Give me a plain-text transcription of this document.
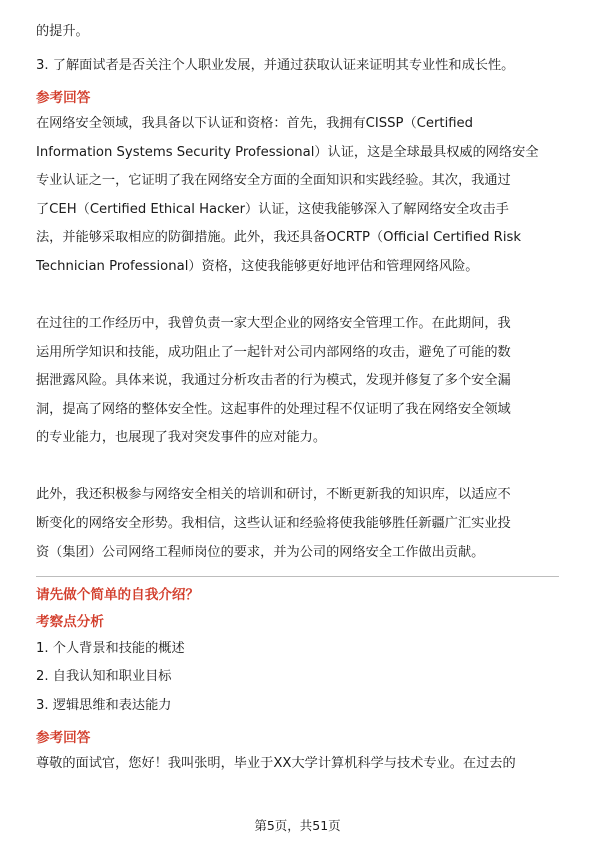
的提升。

3. 了解面试者是否关注个人职业发展，并通过获取认证来证明其专业性和成长性。

参考回答

在网络安全领域，我具备以下认证和资格：首先，我拥有CISSP（Certified

Information Systems Security Professional）认证，这是全球最具权威的网络安全

专业认证之一，它证明了我在网络安全方面的全面知识和实践经验。其次，我通过

了CEH（Certified Ethical Hacker）认证，这使我能够深入了解网络安全攻击手

法，并能够采取相应的防御措施。此外，我还具备OCRTP（Official Certified Risk

Technician Professional）资格，这使我能够更好地评估和管理网络风险。

在过往的工作经历中，我曾负责一家大型企业的网络安全管理工作。在此期间，我

运用所学知识和技能，成功阻止了一起针对公司内部网络的攻击，避免了可能的数

据泄露风险。具体来说，我通过分析攻击者的行为模式，发现并修复了多个安全漏

洞，提高了网络的整体安全性。这起事件的处理过程不仅证明了我在网络安全领域

的专业能力，也展现了我对突发事件的应对能力。

此外，我还积极参与网络安全相关的培训和研讨，不断更新我的知识库，以适应不

断变化的网络安全形势。我相信，这些认证和经验将使我能够胜任新疆广汇实业投

资（集团）公司网络工程师岗位的要求，并为公司的网络安全工作做出贡献。

请先做个简单的自我介绍？

考察点分析

1. 个人背景和技能的概述

2. 自我认知和职业目标

3. 逻辑思维和表达能力

参考回答

尊敬的面试官，您好！我叫张明，毕业于XX大学计算机科学与技术专业。在过去的

第5页，共51页
